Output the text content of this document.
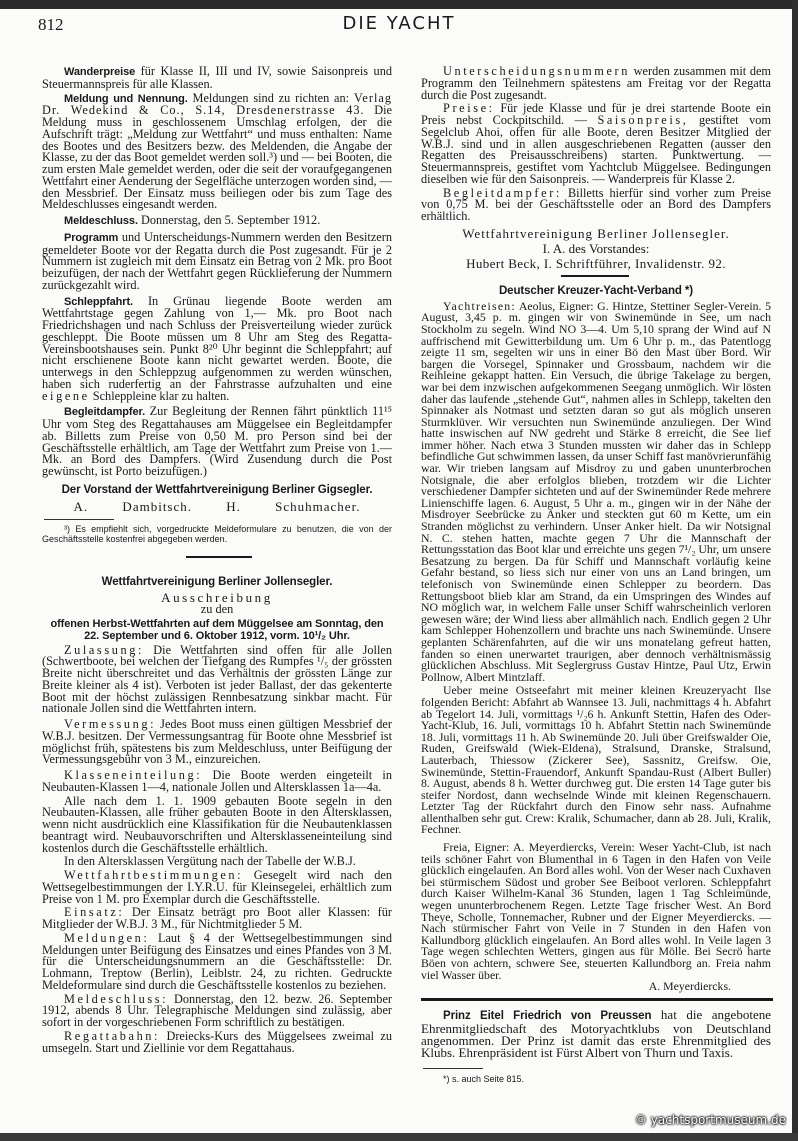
812	DIE YACHT

Wanderpreise für Klasse II, III und IV, sowie Saisonpreis und Steuermannspreis für alle Klassen.

Meldung und Nennung. Meldungen sind zu richten an: Verlag Dr. Wedekind & Co., S.14, Dresdenerstrasse 43. Die Meldung muss in geschlossenem Umschlag erfolgen, der die Aufschrift trägt: „Meldung zur Wettfahrt“ und muss enthalten: Name des Bootes und des Besitzers bezw. des Meldenden, die Angabe der Klasse, zu der das Boot gemeldet werden soll.³) und — bei Booten, die zum ersten Male gemeldet werden, oder die seit der voraufgegangenen Wettfahrt einer Aenderung der Segelfläche unterzogen worden sind, — den Messbrief. Der Einsatz muss beiliegen oder bis zum Tage des Meldeschlusses eingesandt werden.

Meldeschluss. Donnerstag, den 5. September 1912.

Programm und Unterscheidungs-Nummern werden den Besitzern gemeldeter Boote vor der Regatta durch die Post zugesandt. Für je 2 Nummern ist zugleich mit dem Einsatz ein Betrag von 2 Mk. pro Boot beizufügen, der nach der Wettfahrt gegen Rücklieferung der Nummern zurückgezahlt wird.

Schleppfahrt. In Grünau liegende Boote werden am Wettfahrtstage gegen Zahlung von 1,— Mk. pro Boot nach Friedrichshagen und nach Schluss der Preisverteilung wieder zurück geschleppt. Die Boote müssen um 8 Uhr am Steg des Regatta-Vereinsbootshauses sein. Punkt 8²⁰ Uhr beginnt die Schleppfahrt; auf nicht erschienene Boote kann nicht gewartet werden. Boote, die unterwegs in den Schleppzug aufgenommen zu werden wünschen, haben sich ruderfertig an der Fahrstrasse aufzuhalten und eine eigene Schleppleine klar zu halten.

Begleitdampfer. Zur Begleitung der Rennen fährt pünktlich 11¹⁵ Uhr vom Steg des Regattahauses am Müggelsee ein Begleitdampfer ab. Billetts zum Preise von 0,50 M. pro Person sind bei der Geschäftsstelle erhältlich, am Tage der Wettfahrt zum Preise von 1.— Mk. an Bord des Dampfers. (Wird Zusendung durch die Post gewünscht, ist Porto beizufügen.)

Der Vorstand der Wettfahrtvereinigung Berliner Gigsegler.

A. Dambitsch.	H. Schuhmacher.

³) Es empfiehlt sich, vorgedruckte Meldeformulare zu benutzen, die von der Geschäftsstelle kostenfrei abgegeben werden.

Wettfahrtvereinigung Berliner Jollensegler.

Ausschreibung

zu den

offenen Herbst-Wettfahrten auf dem Müggelsee am Sonntag, den 22. September und 6. Oktober 1912, vorm. 10¹/₂ Uhr.

Zulassung: Die Wettfahrten sind offen für alle Jollen (Schwertboote, bei welchen der Tiefgang des Rumpfes ¹/₅ der grössten Breite nicht überschreitet und das Verhältnis der grössten Länge zur Breite kleiner als 4 ist). Verboten ist jeder Ballast, der das gekenterte Boot mit der höchst zulässigen Rennbesatzung sinkbar macht. Für nationale Jollen sind die Wettfahrten intern.

Vermessung: Jedes Boot muss einen gültigen Messbrief der W.B.J. besitzen. Der Vermessungsantrag für Boote ohne Messbrief ist möglichst früh, spätestens bis zum Meldeschluss, unter Beifügung der Vermessungsgebühr von 3 M., einzureichen.

Klasseneinteilung: Die Boote werden eingeteilt in Neubauten-Klassen 1—4, nationale Jollen und Altersklassen 1a—4a.

Alle nach dem 1. 1. 1909 gebauten Boote segeln in den Neubauten-Klassen, alle früher gebauten Boote in den Altersklassen, wenn nicht ausdrücklich eine Klassifikation für die Neubautenklassen beantragt wird. Neubauvorschriften und Altersklasseneinteilung sind kostenlos durch die Geschäftsstelle erhältlich.

In den Altersklassen Vergütung nach der Tabelle der W.B.J.

Wettfahrtbestimmungen: Gesegelt wird nach den Wettsegelbestimmungen der I.Y.R.U. für Kleinsegelei, erhältlich zum Preise von 1 M. pro Exemplar durch die Geschäftsstelle.

Einsatz: Der Einsatz beträgt pro Boot aller Klassen: für Mitglieder der W.B.J. 3 M., für Nichtmitglieder 5 M.

Meldungen: Laut § 4 der Wettsegelbestimmungen sind Meldungen unter Beifügung des Einsatzes und eines Pfandes von 3 M. für die Unterscheidungsnummern an die Geschäftsstelle: Dr. Lohmann, Treptow (Berlin), Leiblstr. 24, zu richten. Gedruckte Meldeformulare sind durch die Geschäftsstelle kostenlos zu beziehen.

Meldeschluss: Donnerstag, den 12. bezw. 26. September 1912, abends 8 Uhr. Telegraphische Meldungen sind zulässig, aber sofort in der vorgeschriebenen Form schriftlich zu bestätigen.

Regattabahn: Dreiecks-Kurs des Müggelsees zweimal zu umsegeln. Start und Ziellinie vor dem Regattahaus.

Unterscheidungsnummern werden zusammen mit dem Programm den Teilnehmern spätestens am Freitag vor der Regatta durch die Post zugesandt.

Preise: Für jede Klasse und für je drei startende Boote ein Preis nebst Cockpitschild. — Saisonpreis, gestiftet vom Segelclub Ahoi, offen für alle Boote, deren Besitzer Mitglied der W.B.J. sind und in allen ausgeschriebenen Regatten (ausser den Regatten des Preisausschreibens) starten. Punktwertung. — Steuermannspreis, gestiftet vom Yachtclub Müggelsee. Bedingungen dieselben wie für den Saisonpreis. — Wanderpreis für Klasse 2.

Begleitdampfer: Billetts hierfür sind vorher zum Preise von 0,75 M. bei der Geschäftsstelle oder an Bord des Dampfers erhältlich.

Wettfahrtvereinigung Berliner Jollensegler.

I. A. des Vorstandes:

Hubert Beck, I. Schriftführer, Invalidenstr. 92.

Deutscher Kreuzer-Yacht-Verband *)

Yachtreisen: Aeolus, Eigner: G. Hintze, Stettiner Segler-Verein. 5 August, 3,45 p. m. gingen wir von Swinemünde in See, um nach Stockholm zu segeln. Wind NO 3—4. Um 5,10 sprang der Wind auf N auffrischend mit Gewitterbildung um. Um 6 Uhr p. m., das Patentlogg zeigte 11 sm, segelten wir uns in einer Bö den Mast über Bord. Wir bargen die Vorsegel, Spinnaker und Grossbaum, nachdem wir die Reihleine gekappt hatten. Ein Versuch, die übrige Takelage zu bergen, war bei dem inzwischen aufgekommenen Seegang unmöglich. Wir lösten daher das laufende „stehende Gut“, nahmen alles in Schlepp, takelten den Spinnaker als Notmast und setzten daran so gut als möglich unseren Sturmklüver. Wir versuchten nun Swinemünde anzuliegen. Der Wind hatte inswischen auf NW gedreht und Stärke 8 erreicht, die See lief immer höher. Nach etwa 3 Stunden mussten wir daher das in Schlepp befindliche Gut schwimmen lassen, da unser Schiff fast manövrierunfähig war. Wir trieben langsam auf Misdroy zu und gaben ununterbrochen Notsignale, die aber erfolglos blieben, trotzdem wir die Lichter verschiedener Dampfer sichteten und auf der Swinemünder Rede mehrere Linienschiffe lagen. 6. August, 5 Uhr a. m., gingen wir in der Nähe der Misdroyer Seebrücke zu Anker und steckten gut 60 m Kette, um ein Stranden möglichst zu verhindern. Unser Anker hielt. Da wir Notsignal N. C. stehen hatten, machte gegen 7 Uhr die Mannschaft der Rettungsstation das Boot klar und erreichte uns gegen 7¹/₂ Uhr, um unsere Besatzung zu bergen. Da für Schiff und Mannschaft vorläufig keine Gefahr bestand, so liess sich nur einer von uns an Land bringen, um telefonisch von Swinemünde einen Schlepper zu beordern. Das Rettungsboot blieb klar am Strand, da ein Umspringen des Windes auf NO möglich war, in welchem Falle unser Schiff wahrscheinlich verloren gewesen wäre; der Wind liess aber allmählich nach. Endlich gegen 2 Uhr kam Schlepper Hohenzollern und brachte uns nach Swinemünde. Unsere geplanten Schärenfahrten, auf die wir uns monatelang gefreut hatten, fanden so einen unerwartet traurigen, aber dennoch verhältnismässig glücklichen Abschluss. Mit Seglergruss Gustav Hintze, Paul Utz, Erwin Pollnow, Albert Mintzlaff.

Ueber meine Ostseefahrt mit meiner kleinen Kreuzeryacht Ilse folgenden Bericht: Abfahrt ab Wannsee 13. Juli, nachmittags 4 h. Abfahrt ab Tegelort 14. Juli, vormittags ¹/₂6 h. Ankunft Stettin, Hafen des Oder-Yacht-Klub, 16. Juli, vormittags 10 h. Abfahrt Stettin nach Swinemünde 18. Juli, vormittags 11 h. Ab Swinemünde 20. Juli über Greifswalder Oie, Ruden, Greifswald (Wiek-Eldena), Stralsund, Dranske, Stralsund, Lauterbach, Thiessow (Zickerer See), Sassnitz, Greifsw. Oie, Swinemünde, Stettin-Frauendorf, Ankunft Spandau-Rust (Albert Buller) 8. August, abends 8 h. Wetter durchweg gut. Die ersten 14 Tage guter bis steifer Nordost, dann wechselnde Winde mit kleinen Regenschauern. Letzter Tag der Rückfahrt durch den Finow sehr nass. Aufnahme allenthalben sehr gut. Crew: Kralik, Schumacher, dann ab 28. Juli, Kralik, Fechner.

Freia, Eigner: A. Meyerdiercks, Verein: Weser Yacht-Club, ist nach teils schöner Fahrt von Blumenthal in 6 Tagen in den Hafen von Veile glücklich eingelaufen. An Bord alles wohl. Von der Weser nach Cuxhaven bei stürmischem Südost und grober See Beiboot verloren. Schleppfahrt durch Kaiser Wilhelm-Kanal 36 Stunden, lagen 1 Tag Schleimünde, wegen ununterbrochenem Regen. Letzte Tage frischer West. An Bord Theye, Scholle, Tonnemacher, Rubner und der Eigner Meyerdiercks. — Nach stürmischer Fahrt von Veile in 7 Stunden in den Hafen von Kallundborg glücklich eingelaufen. An Bord alles wohl. In Veile lagen 3 Tage wegen schlechten Wetters, gingen aus für Mölle. Bei Secrö harte Böen von achtern, schwere See, steuerten Kallundborg an. Freia nahm viel Wasser über.

A. Meyerdiercks.

Prinz Eitel Friedrich von Preussen hat die angebotene Ehrenmitgliedschaft des Motoryachtklubs von Deutschland angenommen. Der Prinz ist damit das erste Ehrenmitglied des Klubs. Ehrenpräsident ist Fürst Albert von Thurn und Taxis.

*) s. auch Seite 815.

© yachtsportmuseum.de
